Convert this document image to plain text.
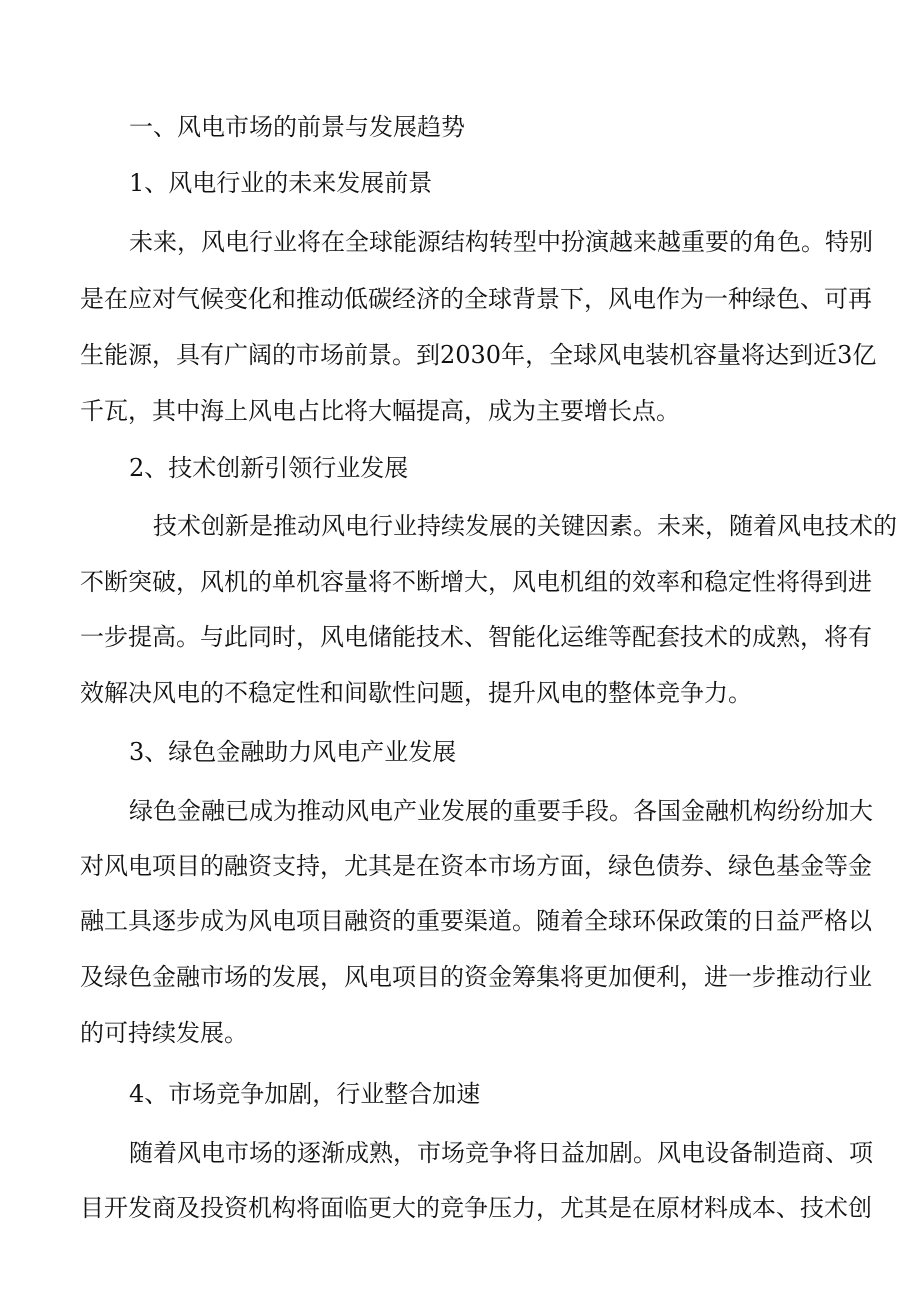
一、风电市场的前景与发展趋势
1、风电行业的未来发展前景
未来，风电行业将在全球能源结构转型中扮演越来越重要的角色。特别
是在应对气候变化和推动低碳经济的全球背景下，风电作为一种绿色、可再
生能源，具有广阔的市场前景。到2030年，全球风电装机容量将达到近3亿
千瓦，其中海上风电占比将大幅提高，成为主要增长点。
2、技术创新引领行业发展
技术创新是推动风电行业持续发展的关键因素。未来，随着风电技术的
不断突破，风机的单机容量将不断增大，风电机组的效率和稳定性将得到进
一步提高。与此同时，风电储能技术、智能化运维等配套技术的成熟，将有
效解决风电的不稳定性和间歇性问题，提升风电的整体竞争力。
3、绿色金融助力风电产业发展
绿色金融已成为推动风电产业发展的重要手段。各国金融机构纷纷加大
对风电项目的融资支持，尤其是在资本市场方面，绿色债券、绿色基金等金
融工具逐步成为风电项目融资的重要渠道。随着全球环保政策的日益严格以
及绿色金融市场的发展，风电项目的资金筹集将更加便利，进一步推动行业
的可持续发展。
4、市场竞争加剧，行业整合加速
随着风电市场的逐渐成熟，市场竞争将日益加剧。风电设备制造商、项
目开发商及投资机构将面临更大的竞争压力，尤其是在原材料成本、技术创
